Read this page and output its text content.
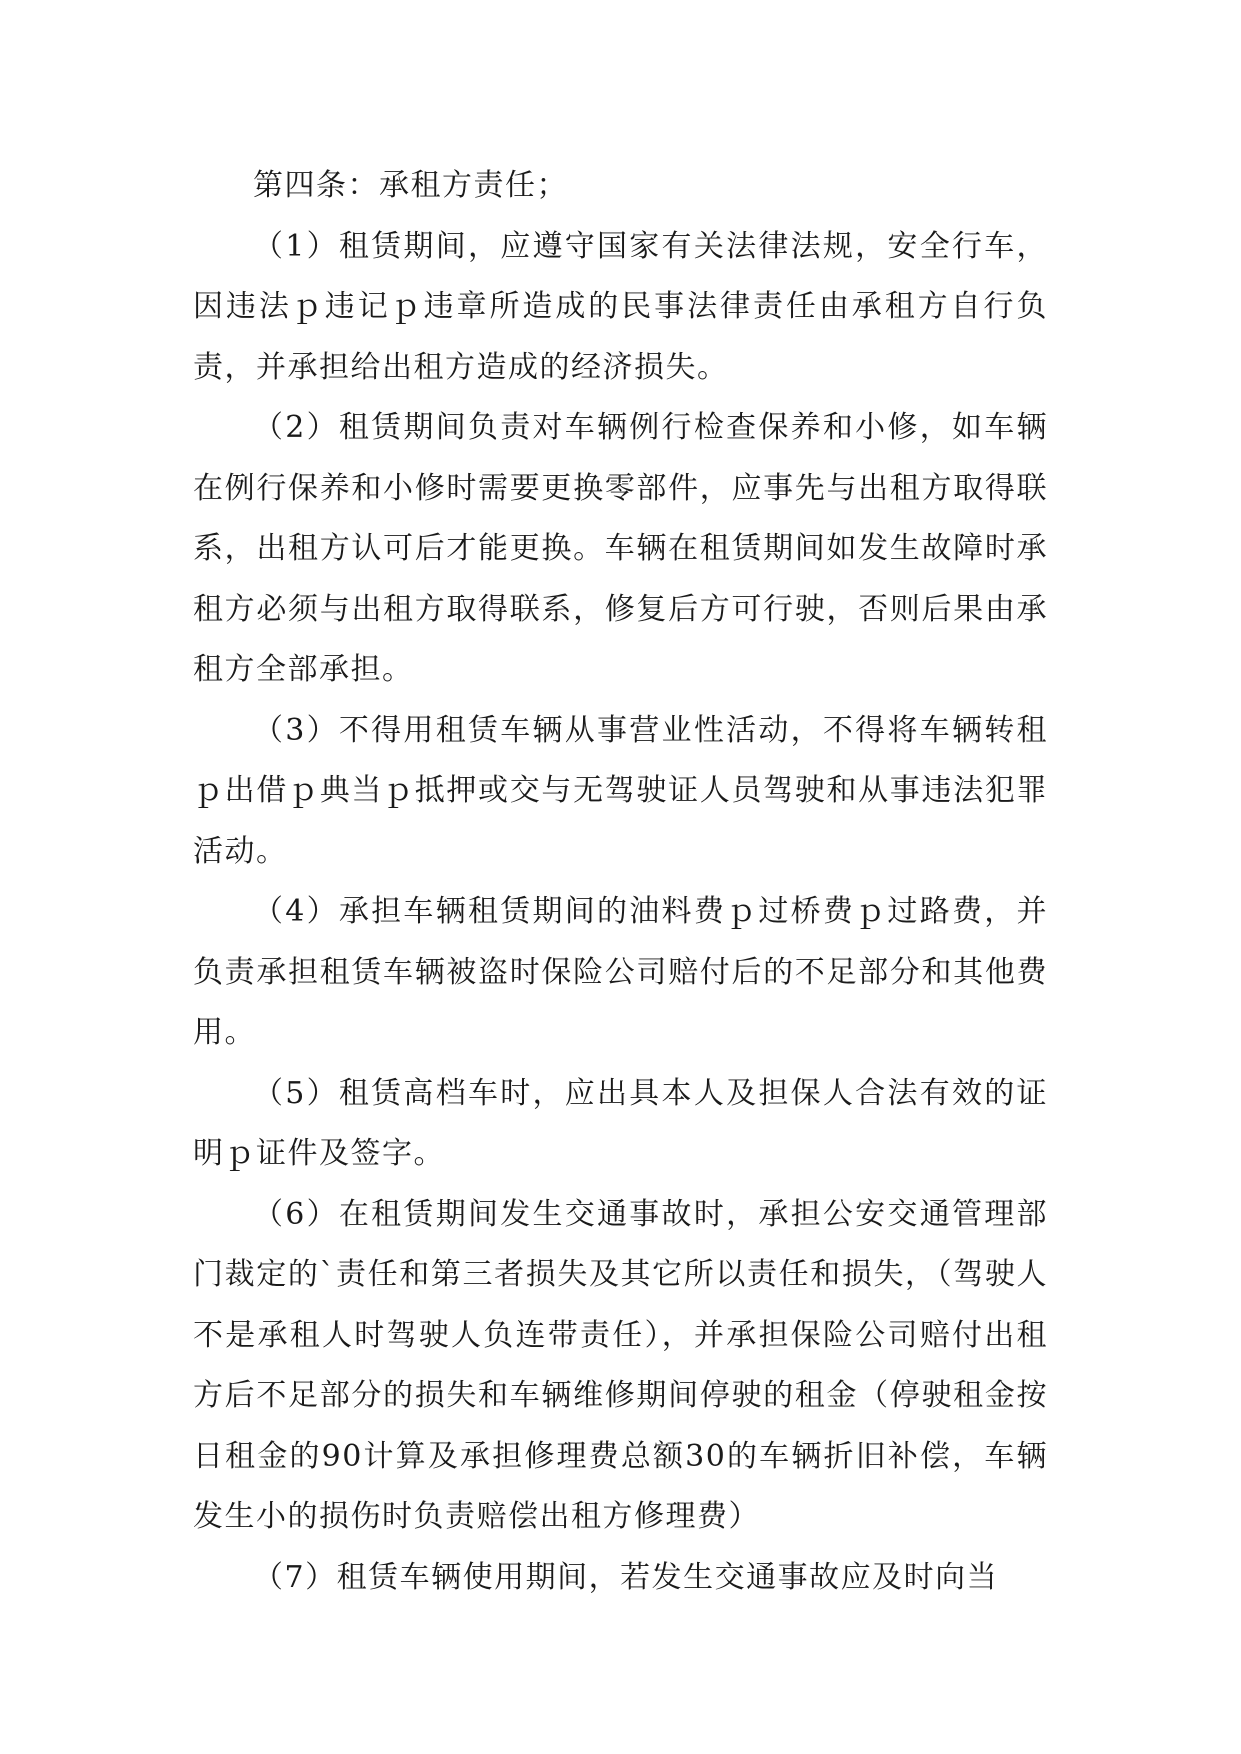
第四条：承租方责任；

（1）租赁期间，应遵守国家有关法律法规，安全行车，因违法ｐ违记ｐ违章所造成的民事法律责任由承租方自行负责，并承担给出租方造成的经济损失。

（2）租赁期间负责对车辆例行检查保养和小修，如车辆在例行保养和小修时需要更换零部件，应事先与出租方取得联系，出租方认可后才能更换。车辆在租赁期间如发生故障时承租方必须与出租方取得联系，修复后方可行驶，否则后果由承租方全部承担。

（3）不得用租赁车辆从事营业性活动，不得将车辆转租ｐ出借ｐ典当ｐ抵押或交与无驾驶证人员驾驶和从事违法犯罪活动。

（4）承担车辆租赁期间的油料费ｐ过桥费ｐ过路费，并负责承担租赁车辆被盗时保险公司赔付后的不足部分和其他费用。

（5）租赁高档车时，应出具本人及担保人合法有效的证明ｐ证件及签字。

（6）在租赁期间发生交通事故时，承担公安交通管理部门裁定的`责任和第三者损失及其它所以责任和损失，（驾驶人不是承租人时驾驶人负连带责任），并承担保险公司赔付出租方后不足部分的损失和车辆维修期间停驶的租金（停驶租金按日租金的90计算及承担修理费总额30的车辆折旧补偿，车辆发生小的损伤时负责赔偿出租方修理费）

（7）租赁车辆使用期间，若发生交通事故应及时向当
